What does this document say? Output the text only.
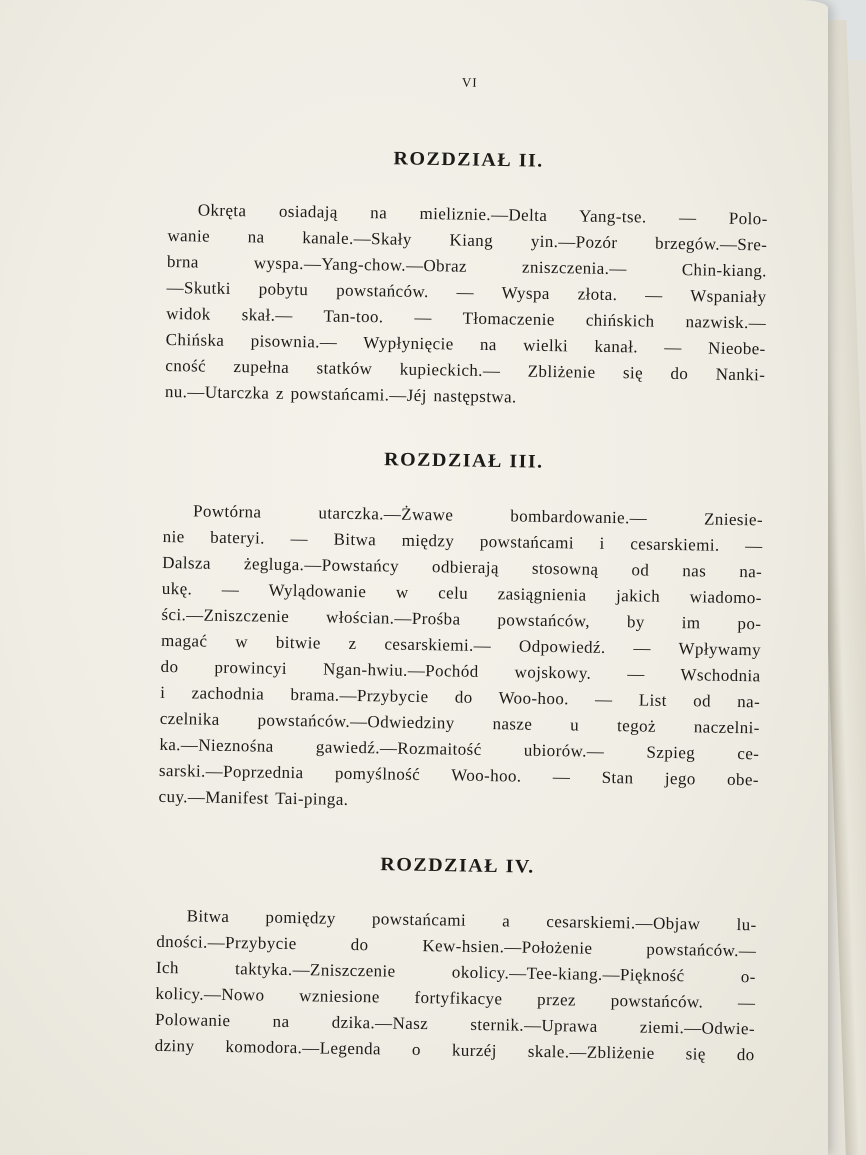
VI
ROZDZIAŁ II.
Okręta osiadają na mieliznie.—Delta Yang-tse. — Polo-
wanie na kanale.—Skały Kiang yin.—Pozór brzegów.—Sre-
brna wyspa.—Yang-chow.—Obraz zniszczenia.— Chin-kiang.
—Skutki pobytu powstańców. — Wyspa złota. — Wspaniały
widok skał.— Tan-too. — Tłomaczenie chińskich nazwisk.—
Chińska pisownia.— Wypłynięcie na wielki kanał. — Nieobe-
cność zupełna statków kupieckich.— Zbliżenie się do Nanki-
nu.—Utarczka z powstańcami.—Jéj następstwa.
ROZDZIAŁ III.
Powtórna utarczka.—Żwawe bombardowanie.— Zniesie-
nie bateryi. — Bitwa między powstańcami i cesarskiemi. —
Dalsza żegluga.—Powstańcy odbierają stosowną od nas na-
ukę. — Wylądowanie w celu zasiągnienia jakich wiadomo-
ści.—Zniszczenie włościan.—Prośba powstańców, by im po-
magać w bitwie z cesarskiemi.— Odpowiedź. — Wpływamy
do prowincyi Ngan-hwiu.—Pochód wojskowy. — Wschodnia
i zachodnia brama.—Przybycie do Woo-hoo. — List od na-
czelnika powstańców.—Odwiedziny nasze u tegoż naczelni-
ka.—Nieznośna gawiedź.—Rozmaitość ubiorów.— Szpieg ce-
sarski.—Poprzednia pomyślność Woo-hoo. — Stan jego obe-
cuy.—Manifest Tai-pinga.
ROZDZIAŁ IV.
Bitwa pomiędzy powstańcami a cesarskiemi.—Objaw lu-
dności.—Przybycie do Kew-hsien.—Położenie powstańców.—
Ich taktyka.—Zniszczenie okolicy.—Tee-kiang.—Piękność o-
kolicy.—Nowo wzniesione fortyfikacye przez powstańców. —
Polowanie na dzika.—Nasz sternik.—Uprawa ziemi.—Odwie-
dziny komodora.—Legenda o kurzéj skale.—Zbliżenie się do
